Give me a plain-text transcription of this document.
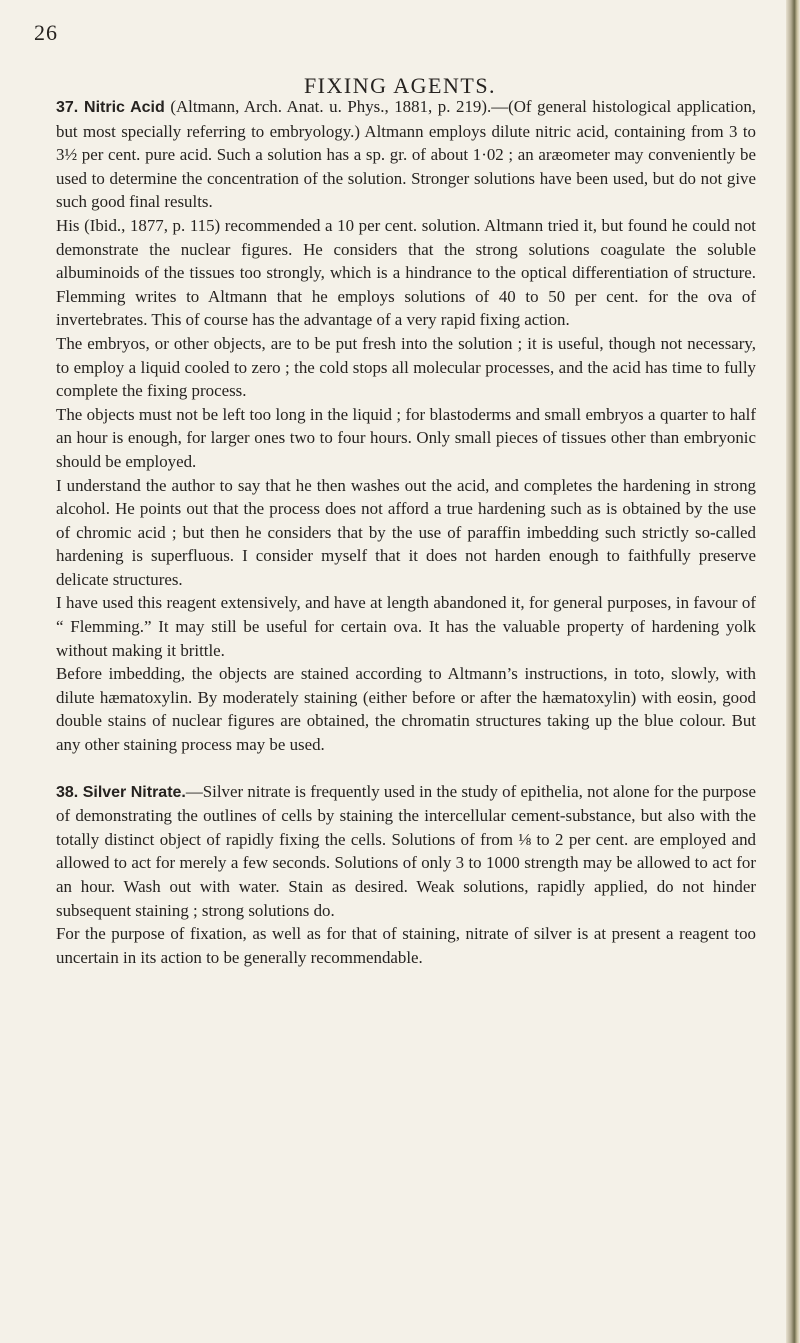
26
FIXING AGENTS.

37. Nitric Acid (Altmann, Arch. Anat. u. Phys., 1881, p. 219).—(Of general histological application, but most specially referring to embryology.) Altmann employs dilute nitric acid, containing from 3 to 3½ per cent. pure acid. Such a solution has a sp. gr. of about 1·02 ; an aræometer may conveniently be used to determine the concentration of the solution. Stronger solutions have been used, but do not give such good final results.

His (Ibid., 1877, p. 115) recommended a 10 per cent. solution. Altmann tried it, but found he could not demonstrate the nuclear figures. He considers that the strong solutions coagulate the soluble albuminoids of the tissues too strongly, which is a hindrance to the optical differentiation of structure. Flemming writes to Altmann that he employs solutions of 40 to 50 per cent. for the ova of invertebrates. This of course has the advantage of a very rapid fixing action.

The embryos, or other objects, are to be put fresh into the solution ; it is useful, though not necessary, to employ a liquid cooled to zero ; the cold stops all molecular processes, and the acid has time to fully complete the fixing process.

The objects must not be left too long in the liquid ; for blastoderms and small embryos a quarter to half an hour is enough, for larger ones two to four hours. Only small pieces of tissues other than embryonic should be employed.

I understand the author to say that he then washes out the acid, and completes the hardening in strong alcohol. He points out that the process does not afford a true hardening such as is obtained by the use of chromic acid ; but then he considers that by the use of paraffin imbedding such strictly so-called hardening is superfluous. I consider myself that it does not harden enough to faithfully preserve delicate structures.

I have used this reagent extensively, and have at length abandoned it, for general purposes, in favour of “ Flemming.” It may still be useful for certain ova. It has the valuable property of hardening yolk without making it brittle.

Before imbedding, the objects are stained according to Altmann’s instructions, in toto, slowly, with dilute hæmatoxylin. By moderately staining (either before or after the hæmatoxylin) with eosin, good double stains of nuclear figures are obtained, the chromatin structures taking up the blue colour. But any other staining process may be used.

38. Silver Nitrate.—Silver nitrate is frequently used in the study of epithelia, not alone for the purpose of demonstrating the outlines of cells by staining the intercellular cement-substance, but also with the totally distinct object of rapidly fixing the cells. Solutions of from ⅛ to 2 per cent. are employed and allowed to act for merely a few seconds. Solutions of only 3 to 1000 strength may be allowed to act for an hour. Wash out with water. Stain as desired. Weak solutions, rapidly applied, do not hinder subsequent staining ; strong solutions do.

For the purpose of fixation, as well as for that of staining, nitrate of silver is at present a reagent too uncertain in its action to be generally recommendable.
